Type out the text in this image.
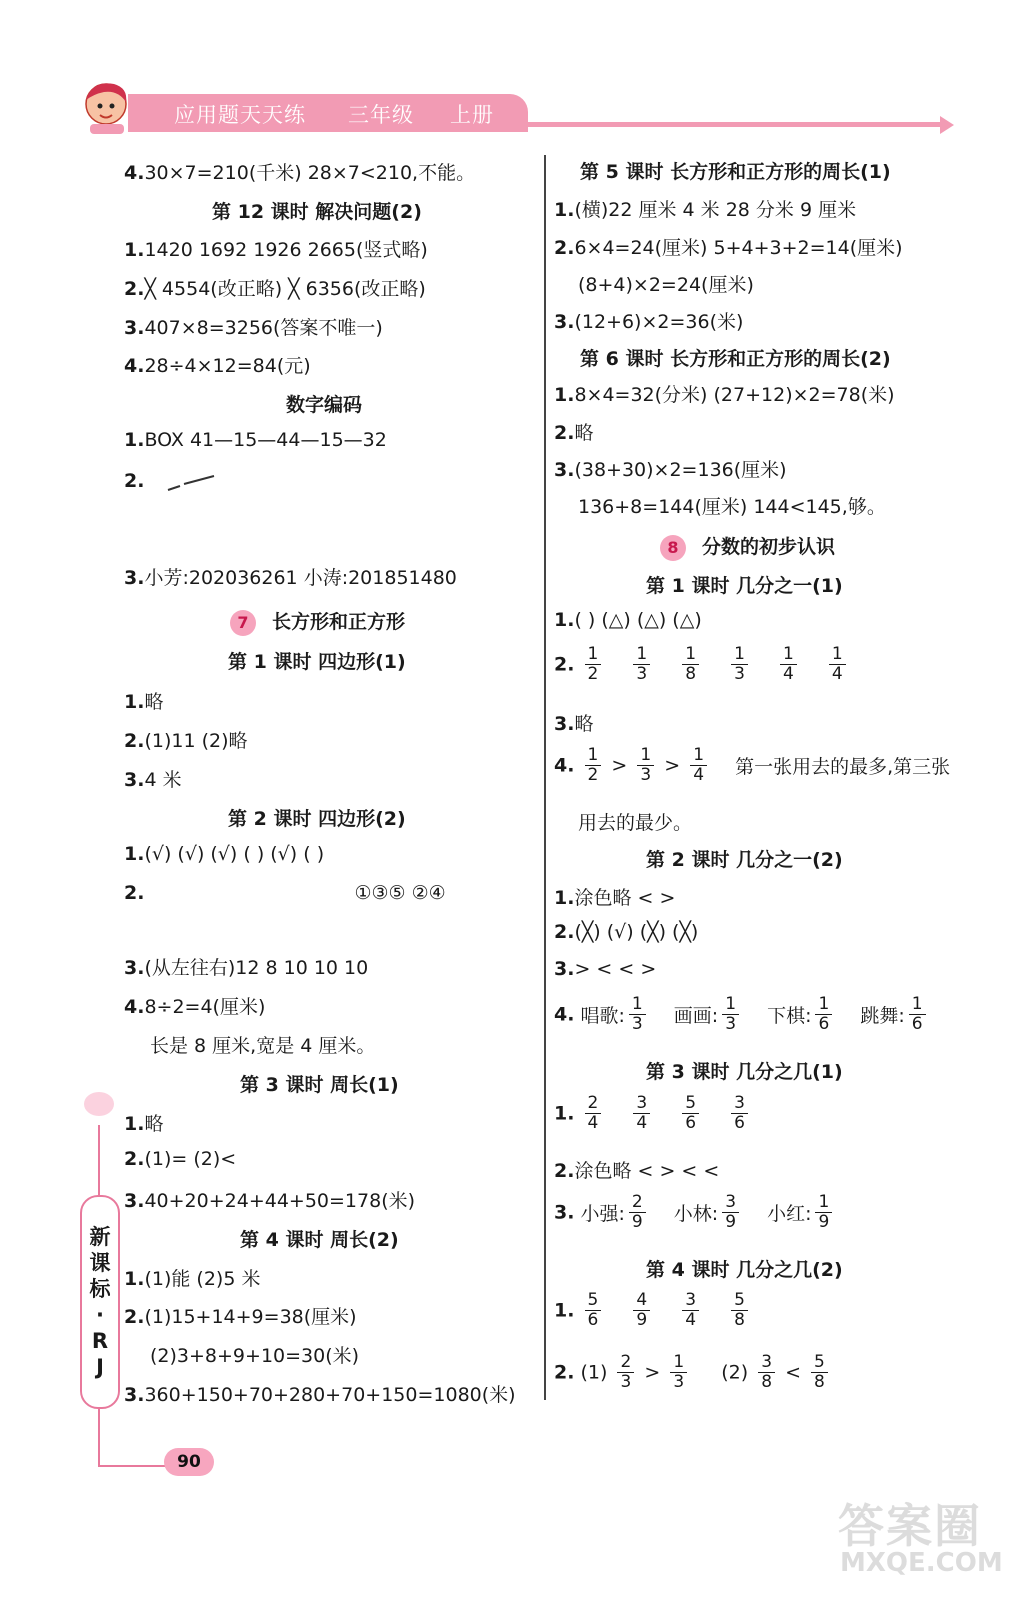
应用题天天练 三年级 上册
4.30×7=210(千米) 28×7<210,不能。
第 12 课时 解决问题(2)
1.1420 1692 1926 2665(竖式略)
2.╳ 4554(改正略) ╳ 6356(改正略)
3.407×8=3256(答案不唯一)
4.28÷4×12=84(元)
数字编码
1.BOX 41—15—44—15—32
2.
3.小芳:202036261 小涛:201851480
7 长方形和正方形
第 1 课时 四边形(1)
1.略
2.(1)11 (2)略
3.4 米
第 2 课时 四边形(2)
1.(√) (√) (√) ( ) (√) ( )
2.	①③⑤ ②④
3.(从左往右)12 8 10 10 10
4.8÷2=4(厘米)
长是 8 厘米,宽是 4 厘米。
第 3 课时 周长(1)
1.略
2.(1)= (2)<
3.40+20+24+44+50=178(米)
第 4 课时 周长(2)
1.(1)能 (2)5 米
2.(1)15+14+9=38(厘米)
(2)3+8+9+10=30(米)
3.360+150+70+280+70+150=1080(米)
第 5 课时 长方形和正方形的周长(1)
1.(横)22 厘米 4 米 28 分米 9 厘米
2.6×4=24(厘米) 5+4+3+2=14(厘米)
(8+4)×2=24(厘米)
3.(12+6)×2=36(米)
第 6 课时 长方形和正方形的周长(2)
1.8×4=32(分米) (27+12)×2=78(米)
2.略
3.(38+30)×2=136(厘米)
136+8=144(厘米) 144<145,够。
8 分数的初步认识
第 1 课时 几分之一(1)
1.( ) (△) (△) (△)
2. $\frac{1}{2}$
$\frac{1}{3}$
$\frac{1}{8}$
$\frac{1}{3}$
$\frac{1}{4}$
$\frac{1}{4}$
3.略
4. $\frac{1}{2} > \frac{1}{3} > \frac{1}{4}$ 第一张用去的最多,第三张
用去的最少。
第 2 课时 几分之一(2)
1.涂色略 < >
2.(╳) (√) (╳) (╳)
3.> < < >
4. 唱歌: $\frac{1}{3}$ 画画: $\frac{1}{3}$ 下棋: $\frac{1}{6}$ 跳舞: $\frac{1}{6}$
第 3 课时 几分之几(1)
1. $\frac{2}{4}$
$\frac{3}{4}$
$\frac{5}{6}$
$\frac{3}{6}$
2.涂色略 < > < <
3. 小强: $\frac{2}{9}$ 小林: $\frac{3}{9}$ 小红: $\frac{1}{9}$
第 4 课时 几分之几(2)
1. $\frac{5}{6}$
$\frac{4}{9}$
$\frac{3}{4}$
$\frac{5}{8}$
2. $(1) \frac{2}{3} > \frac{1}{3} (2) \frac{3}{8} < \frac{5}{8}$
新
课
标
·
R
J
90
答案圈
MXQE.COM
